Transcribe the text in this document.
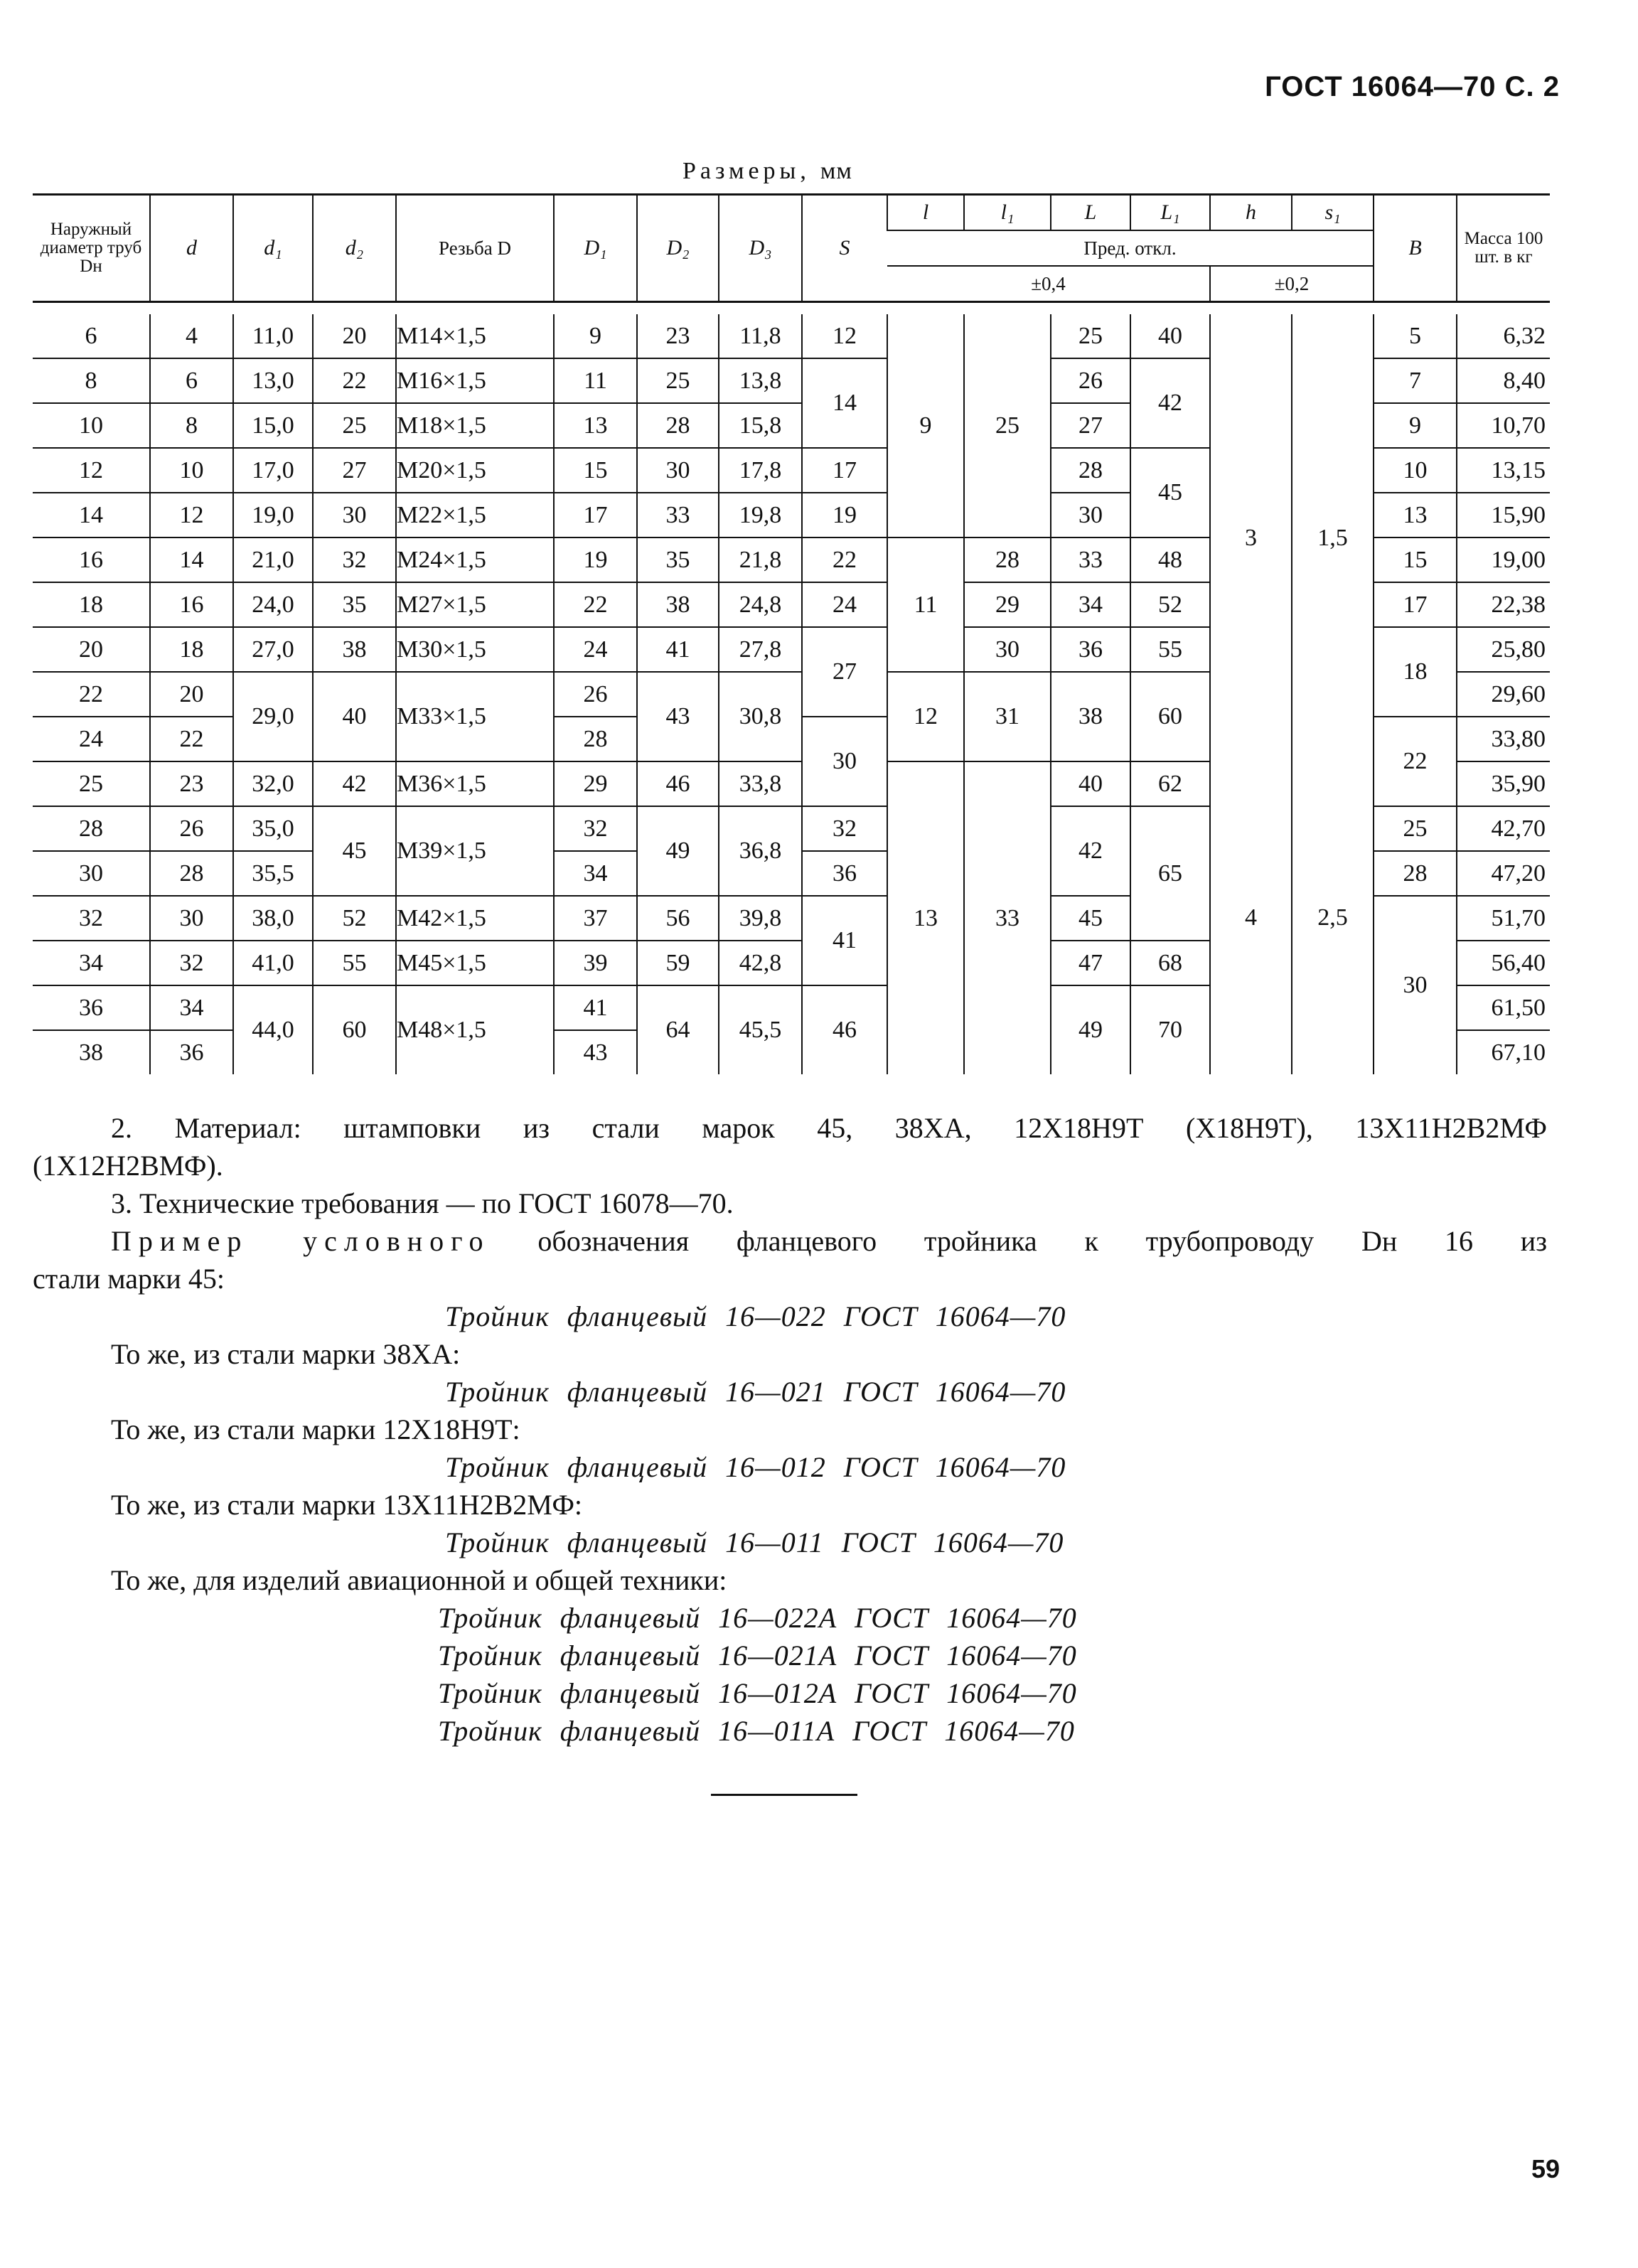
ГОСТ 16064—70 С. 2
Размеры, мм
Наружный диаметр труб Dн	d	d₁	d₂	Резьба D	D₁	D₂	D₃	S	l	l₁	L	L₁	h	s₁	B	Масса 100 шт. в кг
									Пред. откл.							
									±0,4				±0,2			

6	4	11,0	20	М14×1,5	9	23	11,8	12	9	25	25	40	3	1,5	5	6,32
8	6	13,0	22	М16×1,5	11	25	13,8	14			26	42			7	8,40
10	8	15,0	25	М18×1,5	13	28	15,8				27				9	10,70
12	10	17,0	27	М20×1,5	15	30	17,8	17			28	45			10	13,15
14	12	19,0	30	М22×1,5	17	33	19,8	19			30				13	15,90
16	14	21,0	32	М24×1,5	19	35	21,8	22	11	28	33	48			15	19,00
18	16	24,0	35	М27×1,5	22	38	24,8	24		29	34	52			17	22,38
20	18	27,0	38	М30×1,5	24	41	27,8	27		30	36	55			18	25,80
22	20	29,0	40	М33×1,5	26	43	30,8		12	31	38	60				29,60
24	22				28			30							22	33,80
25	23	32,0	42	М36×1,5	29	46	33,8		13	33	40	62	4	2,5		35,90
28	26	35,0	45	М39×1,5	32	49	36,8	32			42	65			25	42,70
30	28	35,5			34			36							28	47,20
32	30	38,0	52	М42×1,5	37	56	39,8	41			45				30	51,70
34	32	41,0	55	М45×1,5	39	59	42,8				47	68				56,40
36	34	44,0	60	М48×1,5	41	64	45,5	46			49	70				61,50
38	36				43											67,10

2. Материал: штамповки из стали марок 45, 38ХА, 12Х18Н9Т (Х18Н9Т), 13Х11Н2В2МФ

(1Х12Н2ВМФ).

3. Технические требования — по ГОСТ 16078—70.

Пример условного обозначения фланцевого тройника к трубопроводу Dн 16 из

стали марки 45:

Тройник фланцевый 16—022 ГОСТ 16064—70

То же, из стали марки 38ХА:

Тройник фланцевый 16—021 ГОСТ 16064—70

То же, из стали марки 12Х18Н9Т:

Тройник фланцевый 16—012 ГОСТ 16064—70

То же, из стали марки 13Х11Н2В2МФ:

Тройник фланцевый 16—011 ГОСТ 16064—70

То же, для изделий авиационной и общей техники:

Тройник фланцевый 16—022А ГОСТ 16064—70

Тройник фланцевый 16—021А ГОСТ 16064—70

Тройник фланцевый 16—012А ГОСТ 16064—70

Тройник фланцевый 16—011А ГОСТ 16064—70

59
